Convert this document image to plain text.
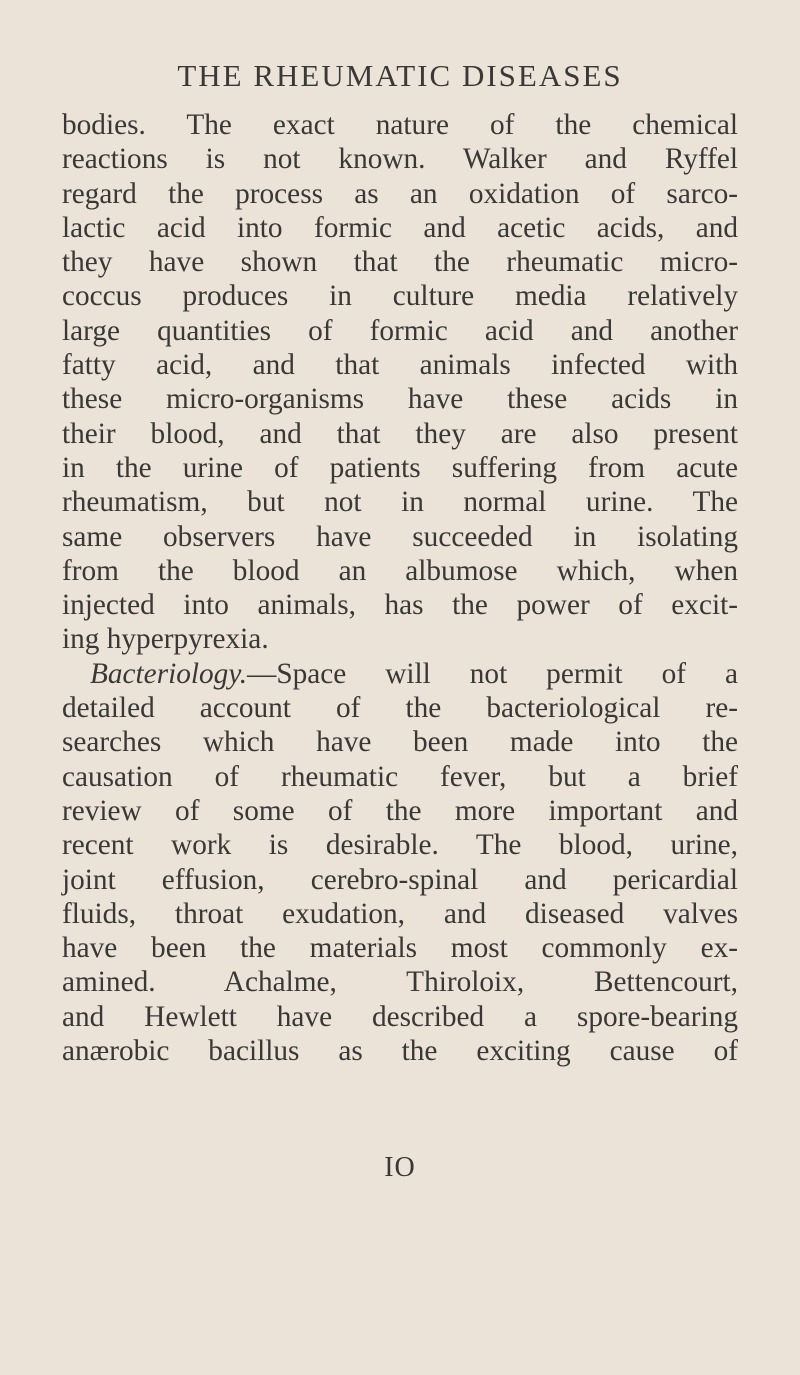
THE RHEUMATIC DISEASES
bodies. The exact nature of the chemical
reactions is not known. Walker and Ryffel
regard the process as an oxidation of sarco-
lactic acid into formic and acetic acids, and
they have shown that the rheumatic micro-
coccus produces in culture media relatively
large quantities of formic acid and another
fatty acid, and that animals infected with
these micro-organisms have these acids in
their blood, and that they are also present
in the urine of patients suffering from acute
rheumatism, but not in normal urine. The
same observers have succeeded in isolating
from the blood an albumose which, when
injected into animals, has the power of excit-
ing hyperpyrexia.
Bacteriology.—Space will not permit of a
detailed account of the bacteriological re-
searches which have been made into the
causation of rheumatic fever, but a brief
review of some of the more important and
recent work is desirable. The blood, urine,
joint effusion, cerebro-spinal and pericardial
fluids, throat exudation, and diseased valves
have been the materials most commonly ex-
amined. Achalme, Thiroloix, Bettencourt,
and Hewlett have described a spore-bearing
anærobic bacillus as the exciting cause of
IO
